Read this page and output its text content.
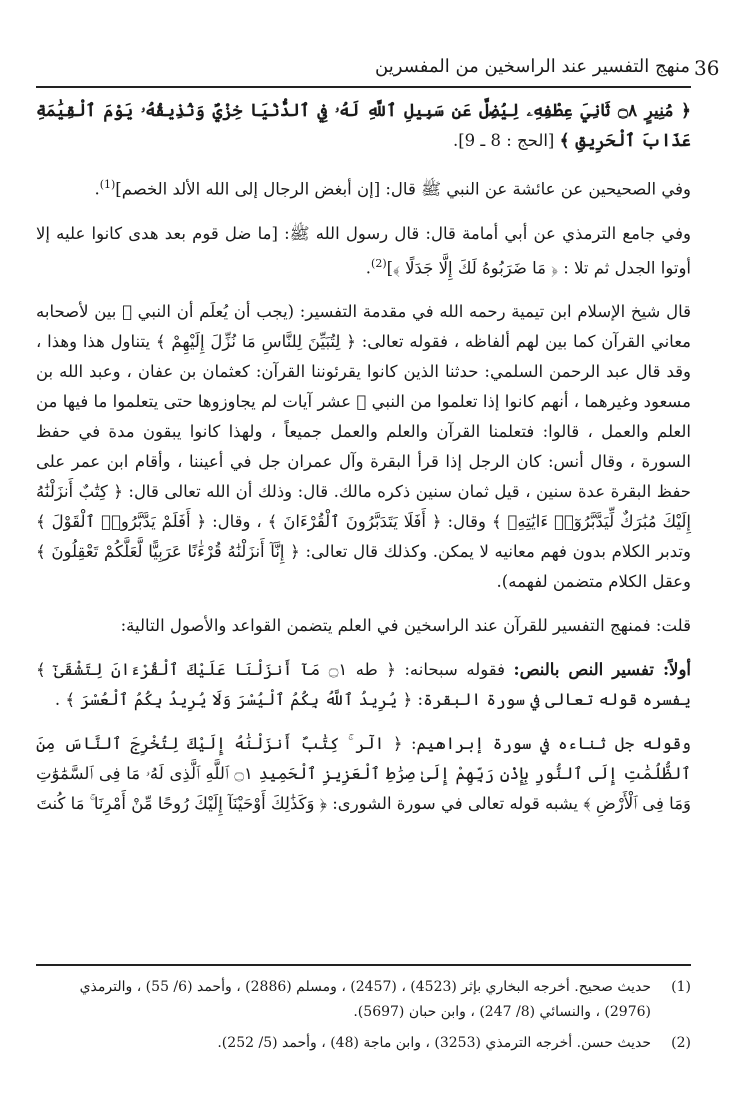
36
منهج التفسير عند الراسخين من المفسرين

﴿ مُنِيرٍ ۝٨ ثَانِيَ عِطْفِهِۦ لِيُضِلَّ عَن سَبِيلِ ٱللَّهِ لَهُۥ فِي ٱلدُّنْيَا خِزْيٌ وَنُذِيقُهُۥ يَوْمَ ٱلْقِيَٰمَةِ عَذَابَ ٱلْحَرِيقِ ﴾ [الحج : 8 ـ 9].

وفي الصحيحين عن عائشة عن النبي ﷺ قال: [إن أبغض الرجال إلى الله الألد الخصم]$^{(1)}$.

وفي جامع الترمذي عن أبي أمامة قال: قال رسول الله ﷺ: [ما ضل قوم بعد هدى كانوا عليه إلا أوتوا الجدل ثم تلا : ﴿ مَا ضَرَبُوهُ لَكَ إِلَّا جَدَلًا ﴾]$^{(2)}$.

قال شيخ الإسلام ابن تيمية رحمه الله في مقدمة التفسير: (يجب أن يُعلَم أن النبي ﷺ بين لأصحابه معاني القرآن كما بين لهم ألفاظه ، فقوله تعالى: ﴿ لِتُبَيِّنَ لِلنَّاسِ مَا نُزِّلَ إِلَيْهِمْ ﴾ يتناول هذا وهذا ، وقد قال عبد الرحمن السلمي: حدثنا الذين كانوا يقرئوننا القرآن: كعثمان بن عفان ، وعبد الله بن مسعود وغيرهما ، أنهم كانوا إذا تعلموا من النبي ﷺ عشر آيات لم يجاوزوها حتى يتعلموا ما فيها من العلم والعمل ، قالوا: فتعلمنا القرآن والعلم والعمل جميعاً ، ولهذا كانوا يبقون مدة في حفظ السورة ، وقال أنس: كان الرجل إذا قرأ البقرة وآل عمران جل في أعيننا ، وأقام ابن عمر على حفظ البقرة عدة سنين ، قيل ثمان سنين ذكره مالك. قال: وذلك أن الله تعالى قال: ﴿ كِتَٰبٌ أَنزَلْنَٰهُ إِلَيْكَ مُبَٰرَكٌ لِّيَدَّبَّرُوٓا۟ ءَايَٰتِهِۦ ﴾ وقال: ﴿ أَفَلَا يَتَدَبَّرُونَ ٱلْقُرْءَانَ ﴾ ، وقال: ﴿ أَفَلَمْ يَدَّبَّرُوا۟ ٱلْقَوْلَ ﴾ وتدبر الكلام بدون فهم معانيه لا يمكن. وكذلك قال تعالى: ﴿ إِنَّآ أَنزَلْنَٰهُ قُرْءَٰنًا عَرَبِيًّا لَّعَلَّكُمْ تَعْقِلُونَ ﴾ وعقل الكلام متضمن لفهمه).

قلت: فمنهج التفسير للقرآن عند الراسخين في العلم يتضمن القواعد والأصول التالية:

أولاً: تفسير النص بالنص: فقوله سبحانه: ﴿ طه ۝١ مَآ أَنزَلْنَا عَلَيْكَ ٱلْقُرْءَانَ لِتَشْقَىٰٓ ﴾ يفسره قوله تعالى في سورة البقرة: ﴿ يُرِيدُ ٱللَّهُ بِكُمُ ٱلْيُسْرَ وَلَا يُرِيدُ بِكُمُ ٱلْعُسْرَ ﴾ .

وقوله جل ثناءه في سورة إبراهيم: ﴿ الٓر ۚ كِتَٰبٌ أَنزَلْنَٰهُ إِلَيْكَ لِتُخْرِجَ ٱلنَّاسَ مِنَ ٱلظُّلُمَٰتِ إِلَى ٱلنُّورِ بِإِذْنِ رَبِّهِمْ إِلَىٰ صِرَٰطِ ٱلْعَزِيزِ ٱلْحَمِيدِ ۝١ ٱللَّهِ ٱلَّذِى لَهُۥ مَا فِى ٱلسَّمَٰوَٰتِ وَمَا فِى ٱلْأَرْضِ ﴾ يشبه قوله تعالى في سورة الشورى: ﴿ وَكَذَٰلِكَ أَوْحَيْنَآ إِلَيْكَ رُوحًا مِّنْ أَمْرِنَا ۚ مَا كُنتَ

(1)
حديث صحيح. أخرجه البخاري بإثر (4523) ، (2457) ، ومسلم (2886) ، وأحمد (6/ 55) ، والترمذي (2976) ، والنسائي (8/ 247) ، وابن حبان (5697).
(2)
حديث حسن. أخرجه الترمذي (3253) ، وابن ماجة (48) ، وأحمد (5/ 252).
